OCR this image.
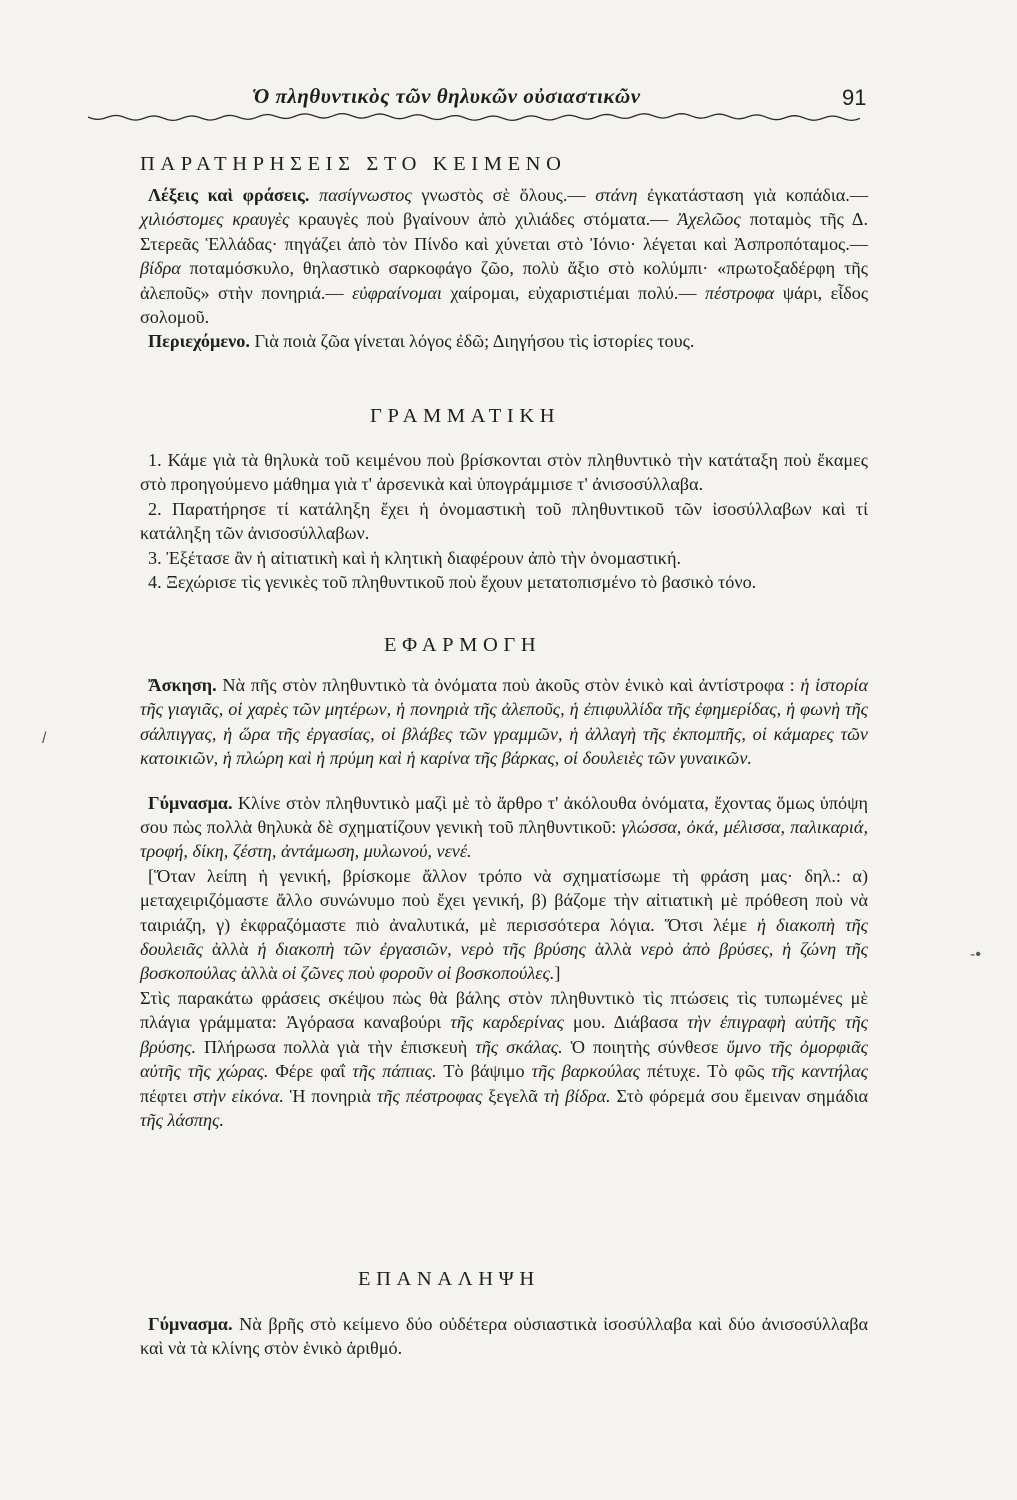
Ὁ πληθυντικὸς τῶν θηλυκῶν οὐσιαστικῶν	91
ΠΑΡΑΤΗΡΗΣΕΙΣ ΣΤΟ ΚΕΙΜΕΝΟ

Λέξεις καὶ φράσεις. πασίγνωστος γνωστὸς σὲ ὅλους.— στάνη ἐγκατάσταση γιὰ κοπάδια.— χιλιόστομες κραυγὲς κραυγὲς ποὺ βγαίνουν ἀπὸ χιλιάδες στόματα.— Ἀχελῶος ποταμὸς τῆς Δ. Στερεᾶς Ἑλλάδας· πηγάζει ἀπὸ τὸν Πίνδο καὶ χύνεται στὸ Ἰόνιο· λέγεται καὶ Ἀσπροπόταμος.—βίδρα ποταμόσκυλο, θηλαστικὸ σαρκοφάγο ζῶο, πολὺ ἄξιο στὸ κολύμπι· «πρωτοξαδέρφη τῆς ἀλεποῦς» στὴν πονηριά.— εὐφραίνομαι χαίρομαι, εὐχαριστιέμαι πολύ.— πέστροφα ψάρι, εἶδος σολομοῦ.

Περιεχόμενο. Γιὰ ποιὰ ζῶα γίνεται λόγος ἐδῶ; Διηγήσου τὶς ἱστορίες τους.

ΓΡΑΜΜΑΤΙΚΗ

1. Κάμε γιὰ τὰ θηλυκὰ τοῦ κειμένου ποὺ βρίσκονται στὸν πληθυντικὸ τὴν κατάταξη ποὺ ἔκαμες στὸ προηγούμενο μάθημα γιὰ τ' ἀρσενικὰ καὶ ὑπογράμμισε τ' ἀνισοσύλλαβα.

2. Παρατήρησε τί κατάληξη ἔχει ἡ ὀνομαστικὴ τοῦ πληθυντικοῦ τῶν ἰσοσύλλαβων καὶ τί κατάληξη τῶν ἀνισοσύλλαβων.

3. Ἐξέτασε ἂν ἡ αἰτιατικὴ καὶ ἡ κλητικὴ διαφέρουν ἀπὸ τὴν ὀνομαστική.

4. Ξεχώρισε τὶς γενικὲς τοῦ πληθυντικοῦ ποὺ ἔχουν μετατοπισμένο τὸ βασικὸ τόνο.

ΕΦΑΡΜΟΓΗ

Ἄσκηση. Νὰ πῆς στὸν πληθυντικὸ τὰ ὀνόματα ποὺ ἀκοῦς στὸν ἑνικὸ καὶ ἀντίστροφα : ἡ ἱστορία τῆς γιαγιᾶς, οἱ χαρὲς τῶν μητέρων, ἡ πονηριὰ τῆς ἀλεποῦς, ἡ ἐπιφυλλίδα τῆς ἐφημερίδας, ἡ φωνὴ τῆς σάλπιγγας, ἡ ὥρα τῆς ἐργασίας, οἱ βλάβες τῶν γραμμῶν, ἡ ἀλλαγὴ τῆς ἐκπομπῆς, οἱ κάμαρες τῶν κατοικιῶν, ἡ πλώρη καὶ ἡ πρύμη καὶ ἡ καρίνα τῆς βάρκας, οἱ δουλειὲς τῶν γυναικῶν.

Γύμνασμα. Κλίνε στὸν πληθυντικὸ μαζὶ μὲ τὸ ἄρθρο τ' ἀκόλουθα ὀνόματα, ἔχοντας ὅμως ὑπόψη σου πὼς πολλὰ θηλυκὰ δὲ σχηματίζουν γενικὴ τοῦ πληθυντικοῦ: γλώσσα, ὀκά, μέλισσα, παλικαριά, τροφή, δίκη, ζέστη, ἀντάμωση, μυλωνού, νενέ.

[Ὅταν λείπη ἡ γενική, βρίσκομε ἄλλον τρόπο νὰ σχηματίσωμε τὴ φράση μας· δηλ.: α) μεταχειριζόμαστε ἄλλο συνώνυμο ποὺ ἔχει γενική, β) βάζομε τὴν αἰτιατικὴ μὲ πρόθεση ποὺ νὰ ταιριάζη, γ) ἐκφραζόμαστε πιὸ ἀναλυτικά, μὲ περισσότερα λόγια. Ὅτσι λέμε ἡ διακοπὴ τῆς δουλειᾶς ἀλλὰ ἡ διακοπὴ τῶν ἐργασιῶν, νερὸ τῆς βρύσης ἀλλὰ νερὸ ἀπὸ βρύσες, ἡ ζώνη τῆς βοσκοπούλας ἀλλὰ οἱ ζῶνες ποὺ φοροῦν οἱ βοσκοπούλες.]

Στὶς παρακάτω φράσεις σκέψου πὼς θὰ βάλης στὸν πληθυντικὸ τὶς πτώσεις τὶς τυπωμένες μὲ πλάγια γράμματα: Ἀγόρασα καναβούρι τῆς καρδερίνας μου. Διάβασα τὴν ἐπιγραφὴ αὐτῆς τῆς βρύσης. Πλήρωσα πολλὰ γιὰ τὴν ἐπισκευὴ τῆς σκάλας. Ὁ ποιητὴς σύνθεσε ὕμνο τῆς ὀμορφιᾶς αὐτῆς τῆς χώρας. Φέρε φαΐ τῆς πάπιας. Τὸ βάψιμο τῆς βαρκούλας πέτυχε. Τὸ φῶς τῆς καντήλας πέφτει στὴν εἰκόνα. Ἡ πονηριὰ τῆς πέστροφας ξεγελᾶ τὴ βίδρα. Στὸ φόρεμά σου ἔμειναν σημάδια τῆς λάσπης.

ΕΠΑΝΑΛΗΨΗ

Γύμνασμα. Νὰ βρῆς στὸ κείμενο δύο οὐδέτερα οὐσιαστικὰ ἰσοσύλλαβα καὶ δύο ἀνισοσύλλαβα καὶ νὰ τὰ κλίνης στὸν ἑνικὸ ἀριθμό.

/
‑•
